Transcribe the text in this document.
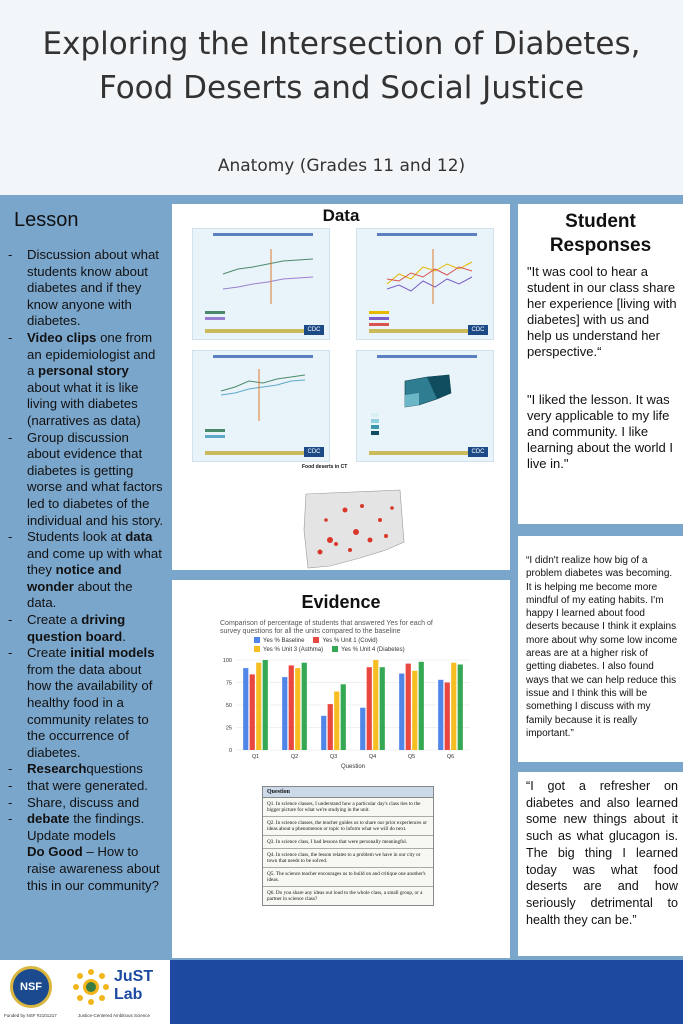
Exploring the Intersection of Diabetes, Food Deserts and Social Justice
Anatomy (Grades 11 and 12)
Lesson
- Discussion about what students know about diabetes and if they know anyone with diabetes.
- Video clips one from an epidemiologist and a personal story about what it is like living with diabetes (narratives as data)
- Group discussion about evidence that diabetes is getting worse and what factors led to diabetes of the individual and his story.
- Students look at data and come up with what they notice and wonder about the data.
- Create a driving question board.
- Create initial models from the data about how the availability of healthy food in a community relates to the occurrence of diabetes.
- Researchquestions
- that were generated.
- Share, discuss and
- debate the findings.
Update models
Do Good – How to raise awareness about this in our community?
Data
CDC	CDC
CDC	CDC
Food deserts in CT
Evidence
Comparison of percentage of students that answered Yes for each of survey questions for all the units compared to the baseline
Yes % Baseline	Yes % Unit 1 (Covid)Yes % Unit 3 (Asthma)	Yes % Unit 4 (Diabetes)
0
25
50
75
100
Q1	Q2	Q3	Q4	Q5	Q6
Question
Question
Q1. In science classes, I understand how a particular day's class ties to the bigger picture for what we're studying in the unit.
Q2. In science classes, the teacher guides us to share our prior experiences or ideas about a phenomenon or topic to inform what we will do next.
Q3. In science class, I had lessons that were personally meaningful.
Q4. In science class, the lesson relates to a problem we have in our city or town that needs to be solved.
Q5. The science teacher encourages us to build on and critique one another's ideas.
Q6. Do you share any ideas out loud to the whole class, a small group, or a partner in science class?
Student Responses

"It was cool to hear a student in our class share her experience [living with diabetes] with us and help us understand her perspective.“

"I liked the lesson. It was very applicable to my life and community. I like learning about the world I live in."

“I didn't realize how big of a problem diabetes was becoming. It is helping me become more mindful of my eating habits. I'm happy I learned about food deserts because I think it explains more about why some low income areas are at a higher risk of getting diabetes. I also found ways that we can help reduce this issue and I think this will be something I discuss with my family because it is really important.”

“I got a refresher on diabetes and also learned some new things about it such as what glucagon is. The big thing I learned today was what food deserts are and how seriously detrimental to health they can be.”

NSF
Funded by NSF #2101217
JuST
Lab
Justice-Centered Ambitious Science
